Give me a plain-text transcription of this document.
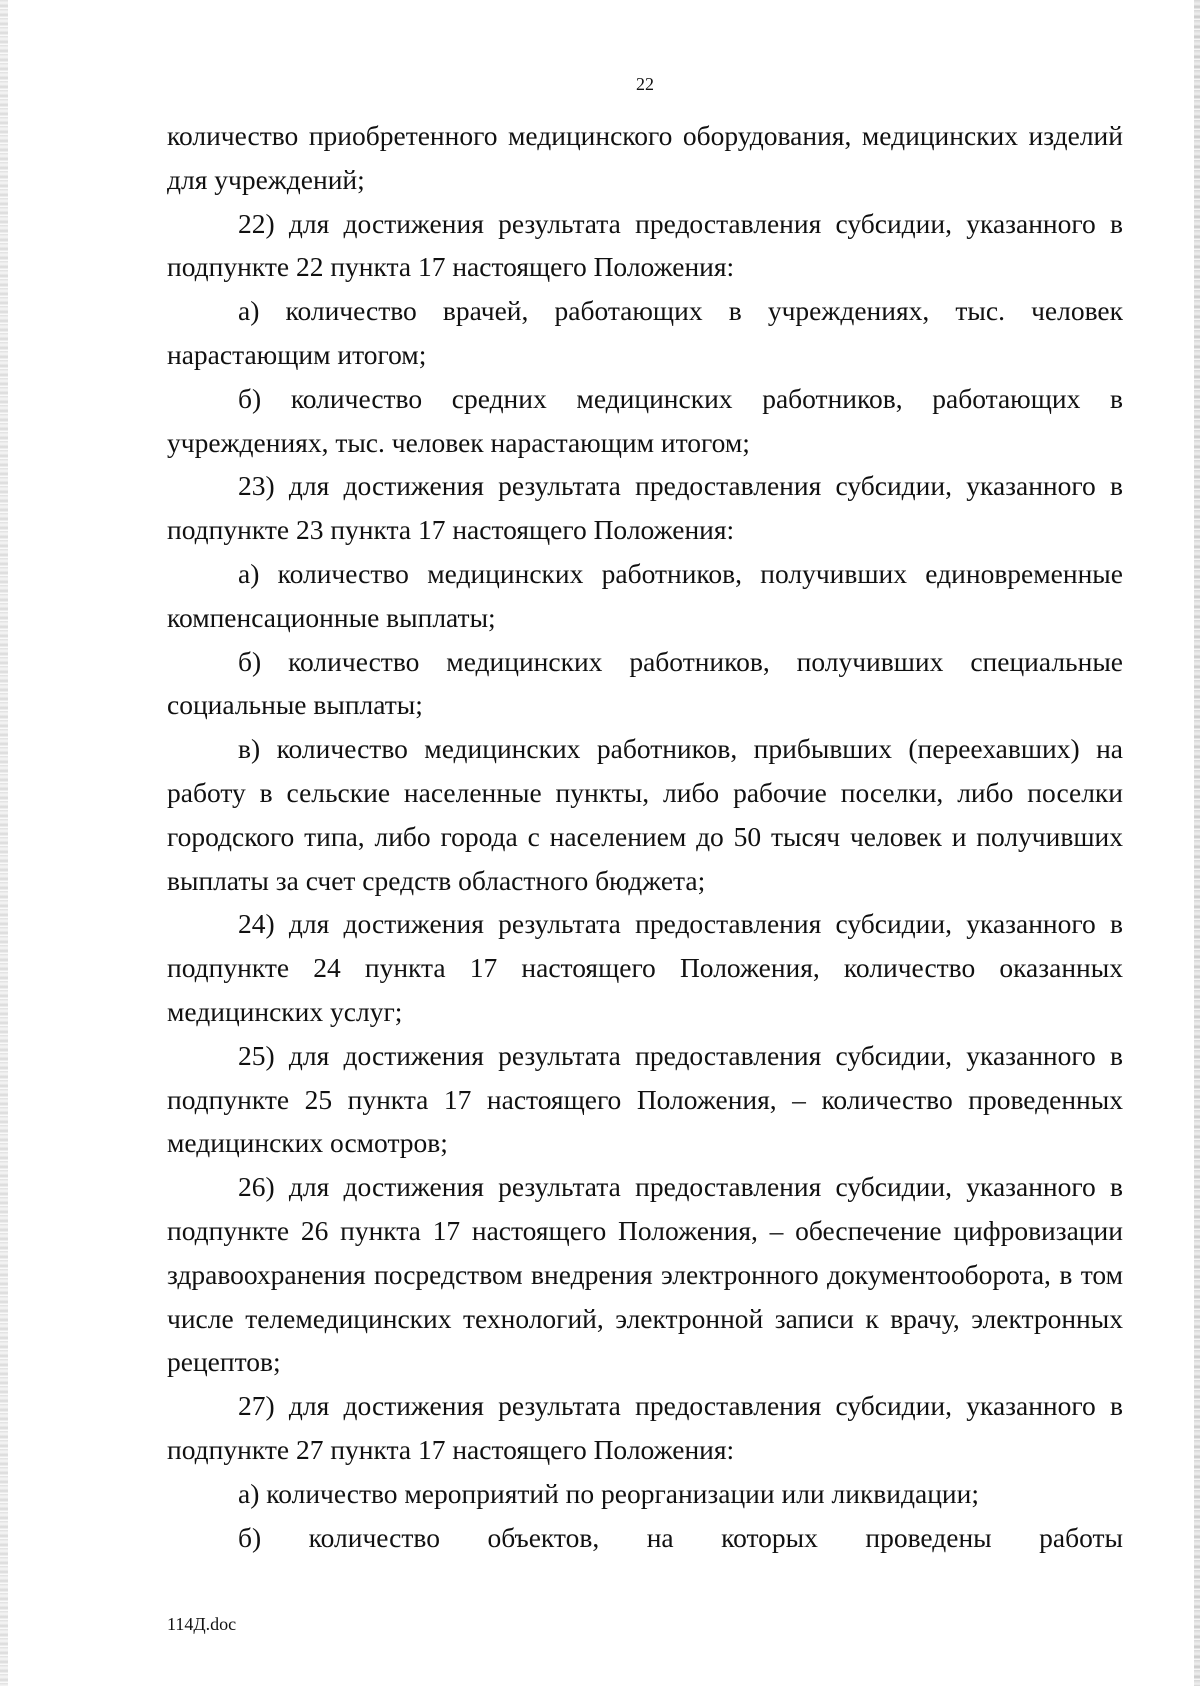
22

количество приобретенного медицинского оборудования, медицинских изделий для учреждений;

22) для достижения результата предоставления субсидии, указанного в подпункте 22 пункта 17 настоящего Положения:

а) количество врачей, работающих в учреждениях, тыс. человек нарастающим итогом;

б) количество средних медицинских работников, работающих в учреждениях, тыс. человек нарастающим итогом;

23) для достижения результата предоставления субсидии, указанного в подпункте 23 пункта 17 настоящего Положения:

а) количество медицинских работников, получивших единовременные компенсационные выплаты;

б) количество медицинских работников, получивших специальные социальные выплаты;

в) количество медицинских работников, прибывших (переехавших) на работу в сельские населенные пункты, либо рабочие поселки, либо поселки городского типа, либо города с населением до 50 тысяч человек и получивших выплаты за счет средств областного бюджета;

24) для достижения результата предоставления субсидии, указанного в подпункте 24 пункта 17 настоящего Положения, количество оказанных медицинских услуг;

25) для достижения результата предоставления субсидии, указанного в подпункте 25 пункта 17 настоящего Положения, – количество проведенных медицинских осмотров;

26) для достижения результата предоставления субсидии, указанного в подпункте 26 пункта 17 настоящего Положения, – обеспечение цифровизации здравоохранения посредством внедрения электронного документооборота, в том числе телемедицинских технологий, электронной записи к врачу, электронных рецептов;

27) для достижения результата предоставления субсидии, указанного в подпункте 27 пункта 17 настоящего Положения:

а) количество мероприятий по реорганизации или ликвидации;

б) количество объектов, на которых проведены работы

114Д.doc
